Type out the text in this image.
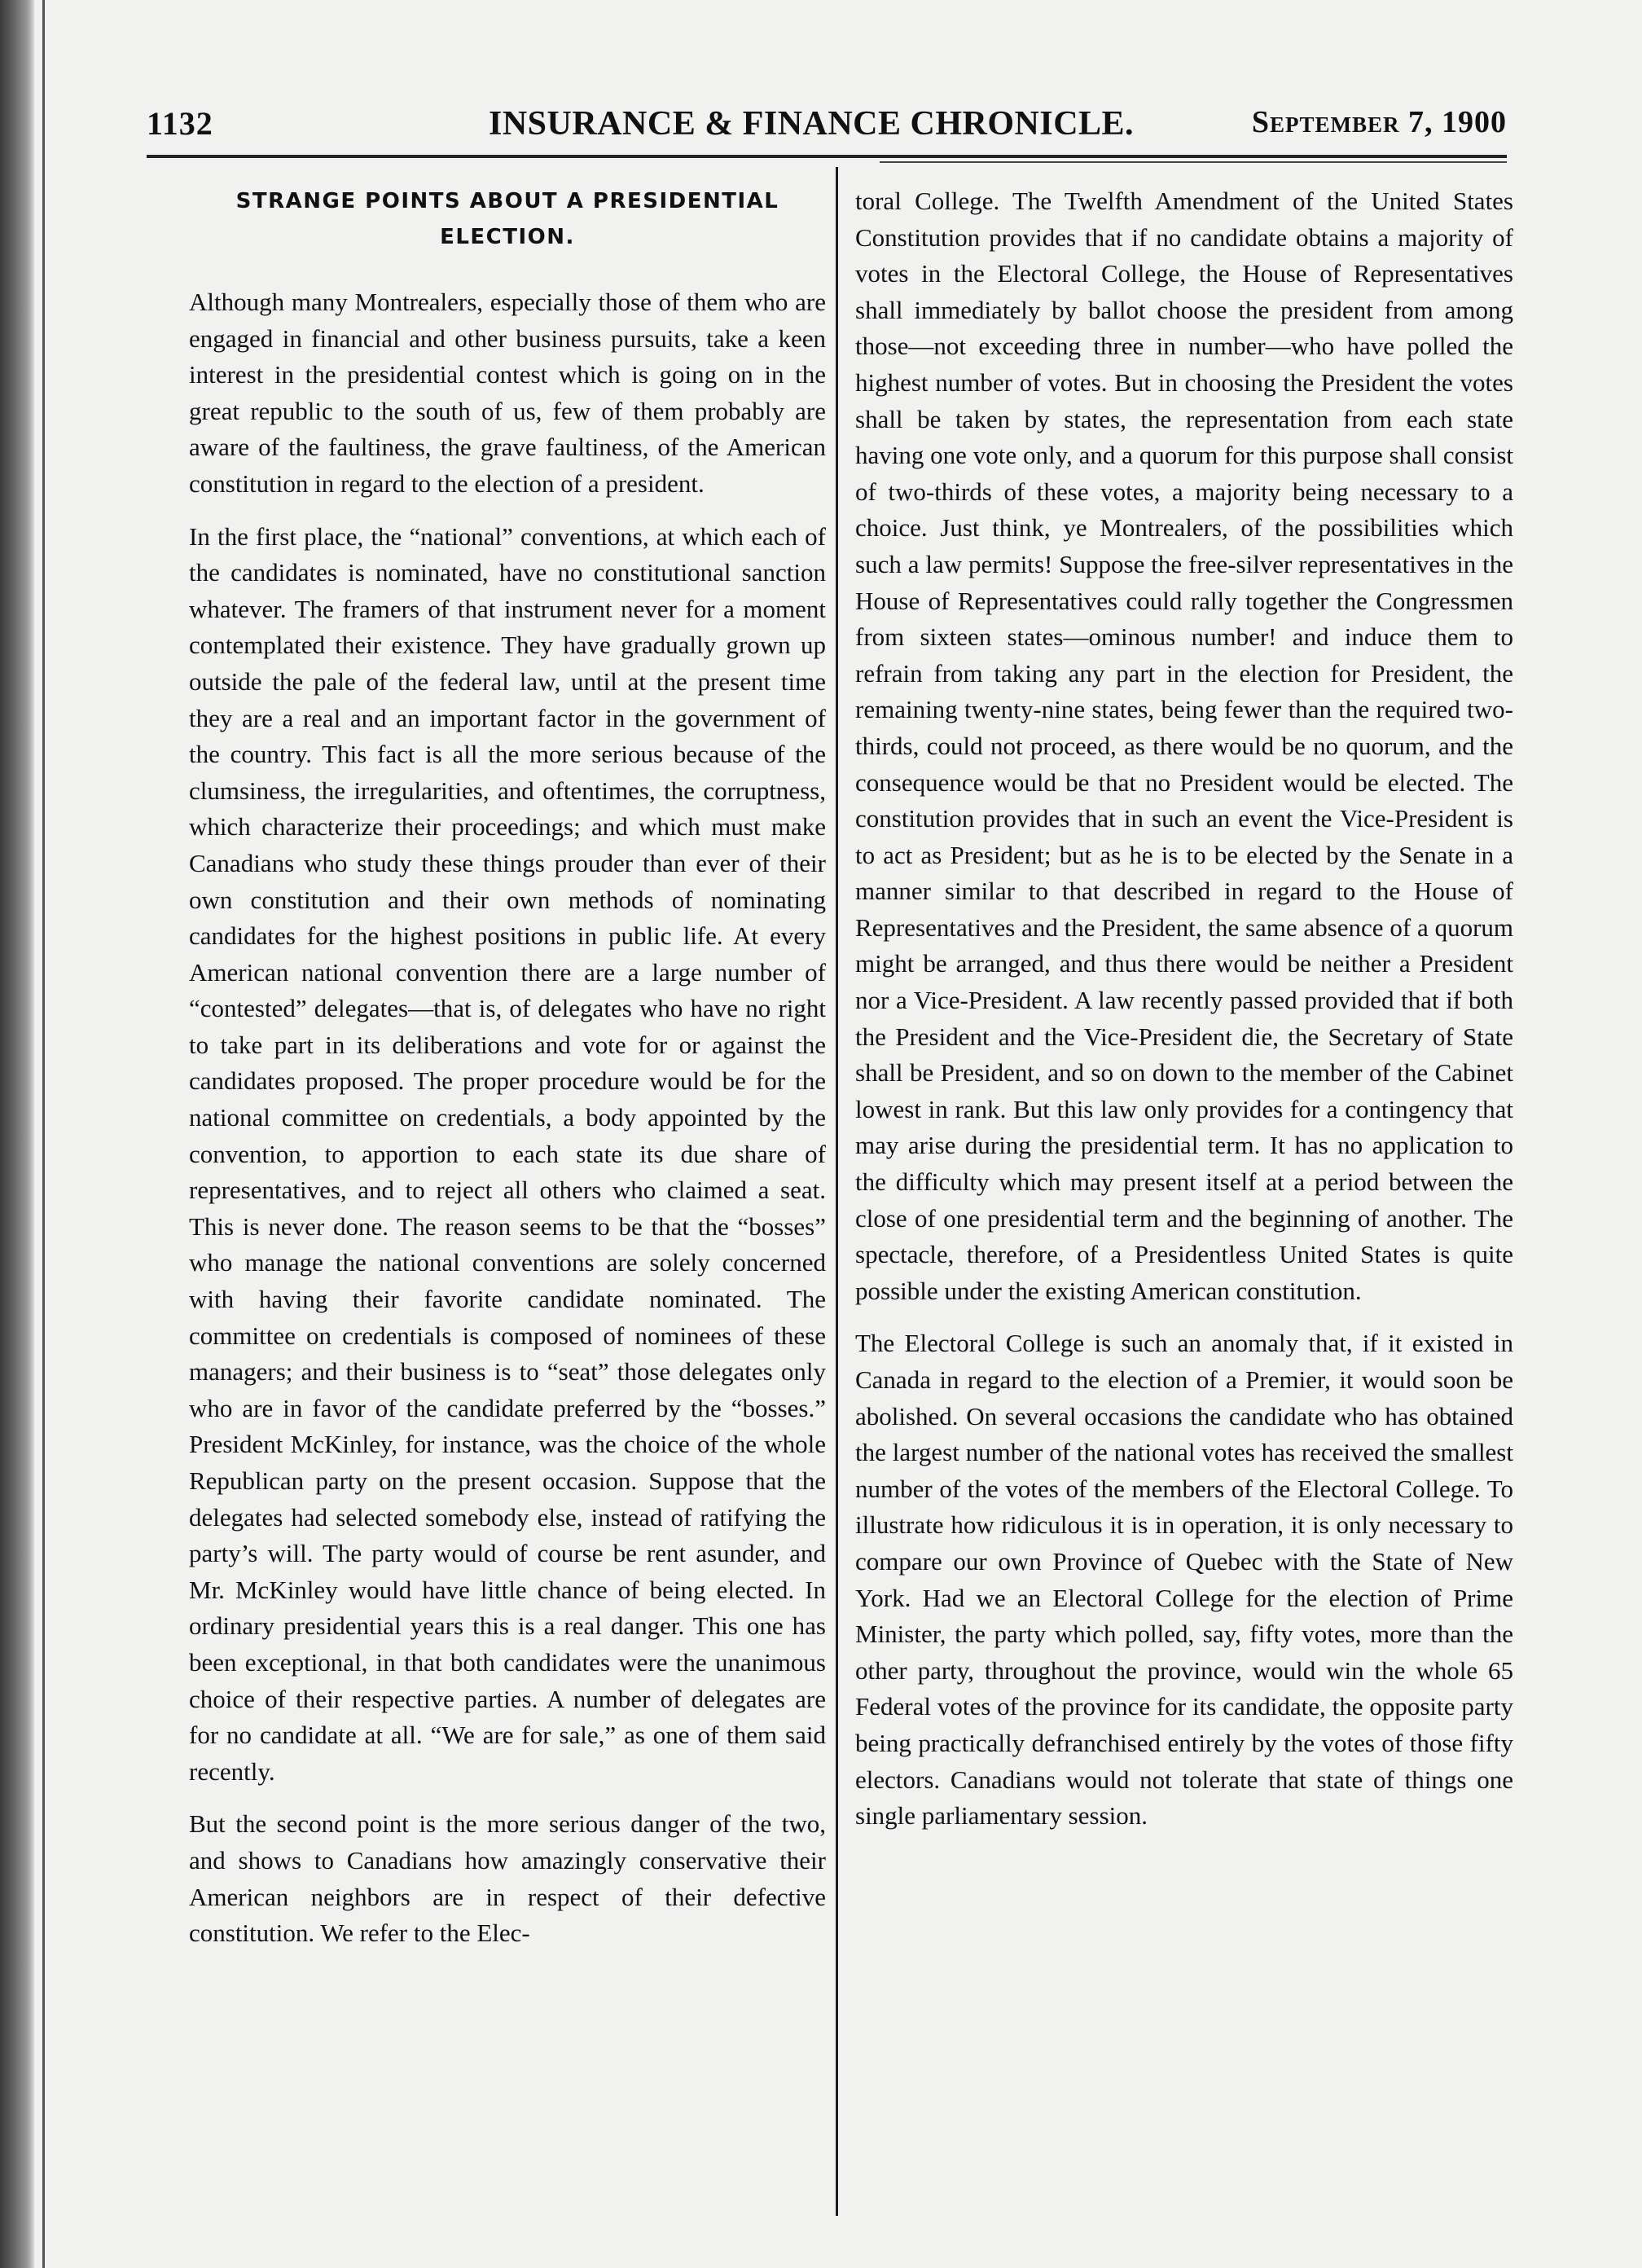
1132	INSURANCE & FINANCE CHRONICLE.	September 7, 1900
STRANGE POINTS ABOUT A PRESIDENTIAL ELECTION.

Although many Montrealers, especially those of them who are engaged in financial and other business pursuits, take a keen interest in the presidential contest which is going on in the great republic to the south of us, few of them probably are aware of the faultiness, the grave faultiness, of the American constitution in regard to the election of a president.

In the first place, the “national” conventions, at which each of the candidates is nominated, have no constitutional sanction whatever. The framers of that instrument never for a moment contemplated their existence. They have gradually grown up outside the pale of the federal law, until at the present time they are a real and an important factor in the government of the country. This fact is all the more serious because of the clumsiness, the irregularities, and oftentimes, the corruptness, which characterize their proceedings; and which must make Canadians who study these things prouder than ever of their own constitution and their own methods of nominating candidates for the highest positions in public life. At every American national convention there are a large number of “contested” delegates—that is, of delegates who have no right to take part in its deliberations and vote for or against the candidates proposed. The proper procedure would be for the national committee on credentials, a body appointed by the convention, to apportion to each state its due share of representatives, and to reject all others who claimed a seat. This is never done. The reason seems to be that the “bosses” who manage the national conventions are solely concerned with having their favorite candidate nominated. The committee on credentials is composed of nominees of these managers; and their business is to “seat” those delegates only who are in favor of the candidate preferred by the “bosses.” President McKinley, for instance, was the choice of the whole Republican party on the present occasion. Suppose that the delegates had selected somebody else, instead of ratifying the party’s will. The party would of course be rent asunder, and Mr. McKinley would have little chance of being elected. In ordinary presidential years this is a real danger. This one has been exceptional, in that both candidates were the unanimous choice of their respective parties. A number of delegates are for no candidate at all. “We are for sale,” as one of them said recently.

But the second point is the more serious danger of the two, and shows to Canadians how amazingly conservative their American neighbors are in respect of their defective constitution. We refer to the Elec-

toral College. The Twelfth Amendment of the United States Constitution provides that if no candidate obtains a majority of votes in the Electoral College, the House of Representatives shall immediately by ballot choose the president from among those—not exceeding three in number—who have polled the highest number of votes. But in choosing the President the votes shall be taken by states, the representation from each state having one vote only, and a quorum for this purpose shall consist of two-thirds of these votes, a majority being necessary to a choice. Just think, ye Montrealers, of the possibilities which such a law permits! Suppose the free-silver representatives in the House of Representatives could rally together the Congressmen from sixteen states—ominous number! and induce them to refrain from taking any part in the election for President, the remaining twenty-nine states, being fewer than the required two-thirds, could not proceed, as there would be no quorum, and the consequence would be that no President would be elected. The constitution provides that in such an event the Vice-President is to act as President; but as he is to be elected by the Senate in a manner similar to that described in regard to the House of Representatives and the President, the same absence of a quorum might be arranged, and thus there would be neither a President nor a Vice-President. A law recently passed provided that if both the President and the Vice-President die, the Secretary of State shall be President, and so on down to the member of the Cabinet lowest in rank. But this law only provides for a contingency that may arise during the presidential term. It has no application to the difficulty which may present itself at a period between the close of one presidential term and the beginning of another. The spectacle, therefore, of a Presidentless United States is quite possible under the existing American constitution.

The Electoral College is such an anomaly that, if it existed in Canada in regard to the election of a Premier, it would soon be abolished. On several occasions the candidate who has obtained the largest number of the national votes has received the smallest number of the votes of the members of the Electoral College. To illustrate how ridiculous it is in operation, it is only necessary to compare our own Province of Quebec with the State of New York. Had we an Electoral College for the election of Prime Minister, the party which polled, say, fifty votes, more than the other party, throughout the province, would win the whole 65 Federal votes of the province for its candidate, the opposite party being practically defranchised entirely by the votes of those fifty electors. Canadians would not tolerate that state of things one single parliamentary session.
